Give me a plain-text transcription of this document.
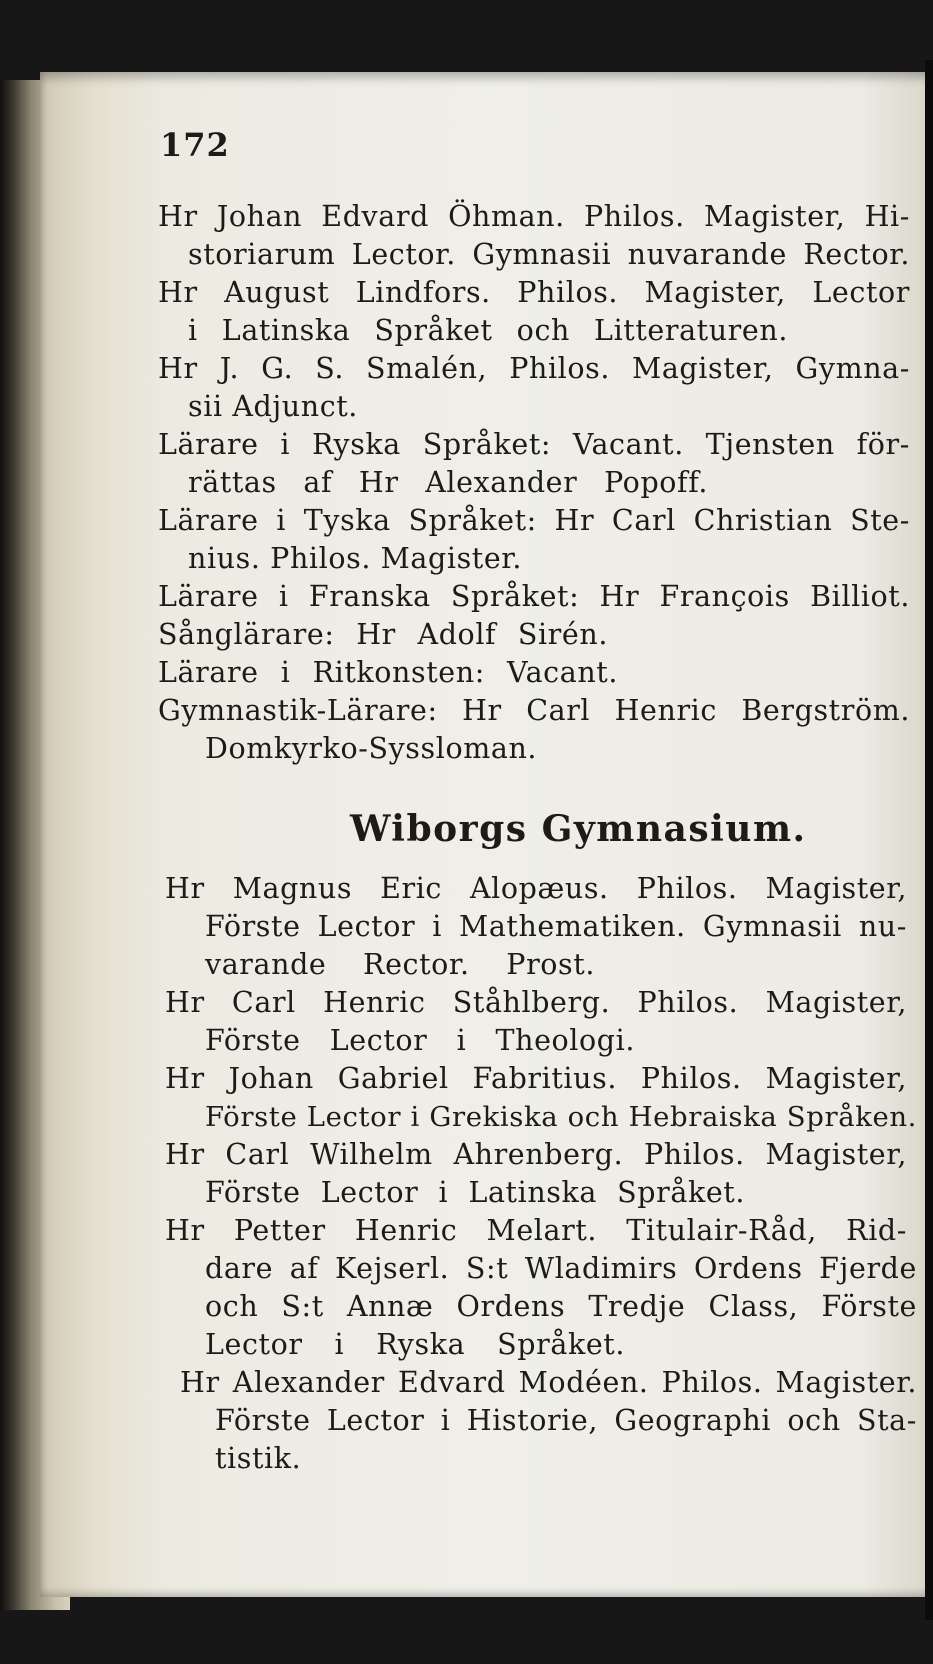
172
Hr Johan Edvard Öhman. Philos. Magister, Hi-
storiarum Lector. Gymnasii nuvarande Rector.
Hr August Lindfors. Philos. Magister, Lector
i Latinska Språket och Litteraturen.
Hr J. G. S. Smalén, Philos. Magister, Gymna-
sii Adjunct.
Lärare i Ryska Språket: Vacant. Tjensten för-
rättas af Hr Alexander Popoff.
Lärare i Tyska Språket: Hr Carl Christian Ste-
nius. Philos. Magister.
Lärare i Franska Språket: Hr François Billiot.
Sånglärare: Hr Adolf Sirén.
Lärare i Ritkonsten: Vacant.
Gymnastik-Lärare: Hr Carl Henric Bergström.
Domkyrko-Syssloman.
Wiborgs Gymnasium.
Hr Magnus Eric Alopæus. Philos. Magister,
Förste Lector i Mathematiken. Gymnasii nu-
varande Rector. Prost.
Hr Carl Henric Ståhlberg. Philos. Magister,
Förste Lector i Theologi.
Hr Johan Gabriel Fabritius. Philos. Magister,
Förste Lector i Grekiska och Hebraiska Språken.
Hr Carl Wilhelm Ahrenberg. Philos. Magister,
Förste Lector i Latinska Språket.
Hr Petter Henric Melart. Titulair-Råd, Rid-
dare af Kejserl. S:t Wladimirs Ordens Fjerde
och S:t Annæ Ordens Tredje Class, Förste
Lector i Ryska Språket.
Hr Alexander Edvard Modéen. Philos. Magister.
Förste Lector i Historie, Geographi och Sta-
tistik.
